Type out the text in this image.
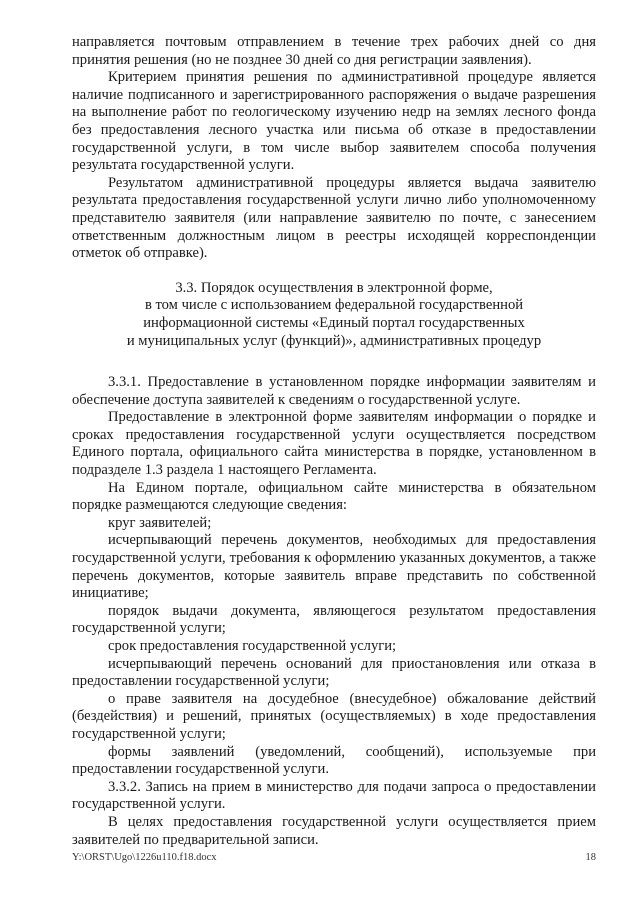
направляется почтовым отправлением в течение трех рабочих дней со дня принятия решения (но не позднее 30 дней со дня регистрации заявления).

Критерием принятия решения по административной процедуре является наличие подписанного и зарегистрированного распоряжения о выдаче разрешения на выполнение работ по геологическому изучению недр на землях лесного фонда без предоставления лесного участка или письма об отказе в предоставлении государственной услуги, в том числе выбор заявителем способа получения результата государственной услуги.

Результатом административной процедуры является выдача заявителю результата предоставления государственной услуги лично либо уполномоченному представителю заявителя (или направление заявителю по почте, с занесением ответственным должностным лицом в реестры исходящей корреспонденции отметок об отправке).

3.3. Порядок осуществления в электронной форме,
в том числе с использованием федеральной государственной
информационной системы «Единый портал государственных
и муниципальных услуг (функций)», административных процедур

3.3.1. Предоставление в установленном порядке информации заявителям и обеспечение доступа заявителей к сведениям о государственной услуге.

Предоставление в электронной форме заявителям информации о порядке и сроках предоставления государственной услуги осуществляется посредством Единого портала, официального сайта министерства в порядке, установленном в подразделе 1.3 раздела 1 настоящего Регламента.

На Едином портале, официальном сайте министерства в обязательном порядке размещаются следующие сведения:

круг заявителей;

исчерпывающий перечень документов, необходимых для предоставления государственной услуги, требования к оформлению указанных документов, а также перечень документов, которые заявитель вправе представить по собственной инициативе;

порядок выдачи документа, являющегося результатом предоставления государственной услуги;

срок предоставления государственной услуги;

исчерпывающий перечень оснований для приостановления или отказа в предоставлении государственной услуги;

о праве заявителя на досудебное (внесудебное) обжалование действий (бездействия) и решений, принятых (осуществляемых) в ходе предоставления государственной услуги;

формы заявлений (уведомлений, сообщений), используемые при предоставлении государственной услуги.

3.3.2. Запись на прием в министерство для подачи запроса о предоставлении государственной услуги.

В целях предоставления государственной услуги осуществляется прием заявителей по предварительной записи.

Y:\ORST\Ugo\1226u110.f18.docx	18
